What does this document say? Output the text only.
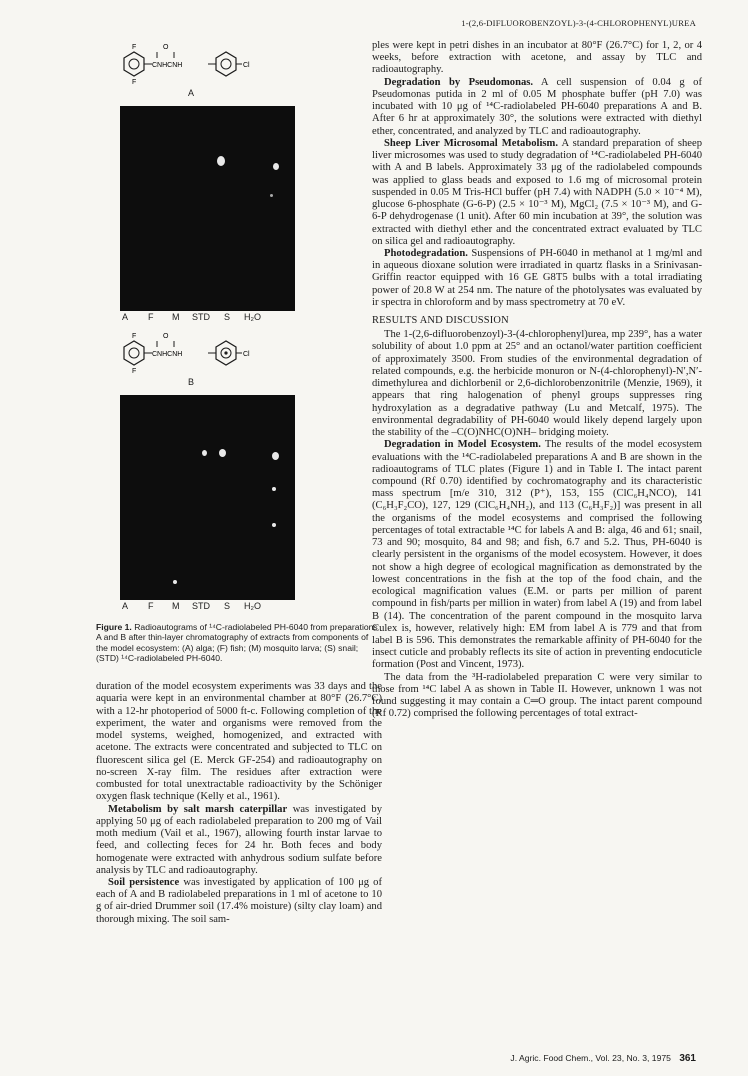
1-(2,6-DIFLUOROBENZOYL)-3-(4-CHLOROPHENYL)UREA
F	O
CNHCNH	Cl
F
A
A F M STD S H₂O
F	O
CNHCNH	Cl
F
B
A F M STD S H₂O

Figure 1. Radioautograms of ¹⁴C-radiolabeled PH-6040 from preparations A and B after thin-layer chromatography of extracts from components of the model ecosystem: (A) alga; (F) fish; (M) mosquito larva; (S) snail; (STD) ¹⁴C-radiolabeled PH-6040.

duration of the model ecosystem experiments was 33 days and the aquaria were kept in an environmental chamber at 80°F (26.7°C) with a 12-hr photoperiod of 5000 ft-c. Following completion of the experiment, the water and organisms were removed from the model systems, weighed, homogenized, and extracted with acetone. The extracts were concentrated and subjected to TLC on fluorescent silica gel (E. Merck GF-254) and radioautography on no-screen X-ray film. The residues after extraction were combusted for total unextractable radioactivity by the Schöniger oxygen flask technique (Kelly et al., 1961).

Metabolism by salt marsh caterpillar was investigated by applying 50 μg of each radiolabeled preparation to 200 mg of Vail moth medium (Vail et al., 1967), allowing fourth instar larvae to feed, and collecting feces for 24 hr. Both feces and body homogenate were extracted with anhydrous sodium sulfate before analysis by TLC and radioautography.

Soil persistence was investigated by application of 100 μg of each of A and B radiolabeled preparations in 1 ml of acetone to 10 g of air-dried Drummer soil (17.4% moisture) (silty clay loam) and thorough mixing. The soil sam-

ples were kept in petri dishes in an incubator at 80°F (26.7°C) for 1, 2, or 4 weeks, before extraction with acetone, and assay by TLC and radioautography.

Degradation by Pseudomonas. A cell suspension of 0.04 g of Pseudomonas putida in 2 ml of 0.05 M phosphate buffer (pH 7.0) was incubated with 10 μg of ¹⁴C-radiolabeled PH-6040 preparations A and B. After 6 hr at approximately 30°, the solutions were extracted with diethyl ether, concentrated, and analyzed by TLC and radioautography.

Sheep Liver Microsomal Metabolism. A standard preparation of sheep liver microsomes was used to study degradation of ¹⁴C-radiolabeled PH-6040 with A and B labels. Approximately 33 μg of the radiolabeled compounds was applied to glass beads and exposed to 1.6 mg of microsomal protein suspended in 0.05 M Tris-HCl buffer (pH 7.4) with NADPH (5.0 × 10⁻⁴ M), glucose 6-phosphate (G-6-P) (2.5 × 10⁻³ M), MgCl₂ (7.5 × 10⁻³ M), and G-6-P dehydrogenase (1 unit). After 60 min incubation at 39°, the solution was extracted with diethyl ether and the concentrated extract evaluated by TLC on silica gel and radioautography.

Photodegradation. Suspensions of PH-6040 in methanol at 1 mg/ml and in aqueous dioxane solution were irradiated in quartz flasks in a Srinivasan-Griffin reactor equipped with 16 GE G8T5 bulbs with a total irradiating power of 20.8 W at 254 nm. The nature of the photolysates was evaluated by ir spectra in chloroform and by mass spectrometry at 70 eV.

RESULTS AND DISCUSSION

The 1-(2,6-difluorobenzoyl)-3-(4-chlorophenyl)urea, mp 239°, has a water solubility of about 1.0 ppm at 25° and an octanol/water partition coefficient of approximately 3500. From studies of the environmental degradation of related compounds, e.g. the herbicide monuron or N-(4-chlorophenyl)-N′,N′-dimethylurea and dichlorbenil or 2,6-dichlorobenzonitrile (Menzie, 1969), it appears that ring halogenation of phenyl groups suppresses ring hydroxylation as a degradative pathway (Lu and Metcalf, 1975). The environmental degradability of PH-6040 would likely depend largely upon the stability of the –C(O)NHC(O)NH– bridging moiety.

Degradation in Model Ecosystem. The results of the model ecosystem evaluations with the ¹⁴C-radiolabeled preparations A and B are shown in the radioautograms of TLC plates (Figure 1) and in Table I. The intact parent compound (Rf 0.70) identified by cochromatography and its characteristic mass spectrum [m/e 310, 312 (P⁺), 153, 155 (ClC₆H₄NCO), 141 (C₆H₃F₂CO), 127, 129 (ClC₆H₄NH₂), and 113 (C₆H₃F₂)] was present in all the organisms of the model ecosystems and comprised the following percentages of total extractable ¹⁴C for labels A and B: alga, 46 and 61; snail, 73 and 90; mosquito, 84 and 98; and fish, 6.7 and 5.2. Thus, PH-6040 is clearly persistent in the organisms of the model ecosystem. However, it does not show a high degree of ecological magnification as demonstrated by the lowest concentrations in the fish at the top of the food chain, and the ecological magnification values (E.M. or parts per million of parent compound in fish/parts per million in water) from label A (19) and from label B (14). The concentration of the parent compound in the mosquito larva Culex is, however, relatively high: EM from label A is 779 and that from label B is 596. This demonstrates the remarkable affinity of PH-6040 for the insect cuticle and probably reflects its site of action in preventing endocuticle formation (Post and Vincent, 1973).

The data from the ³H-radiolabeled preparation C were very similar to those from ¹⁴C label A as shown in Table II. However, unknown 1 was not found suggesting it may contain a C═O group. The intact parent compound (Rf 0.72) comprised the following percentages of total extract-

J. Agric. Food Chem., Vol. 23, No. 3, 1975 361
